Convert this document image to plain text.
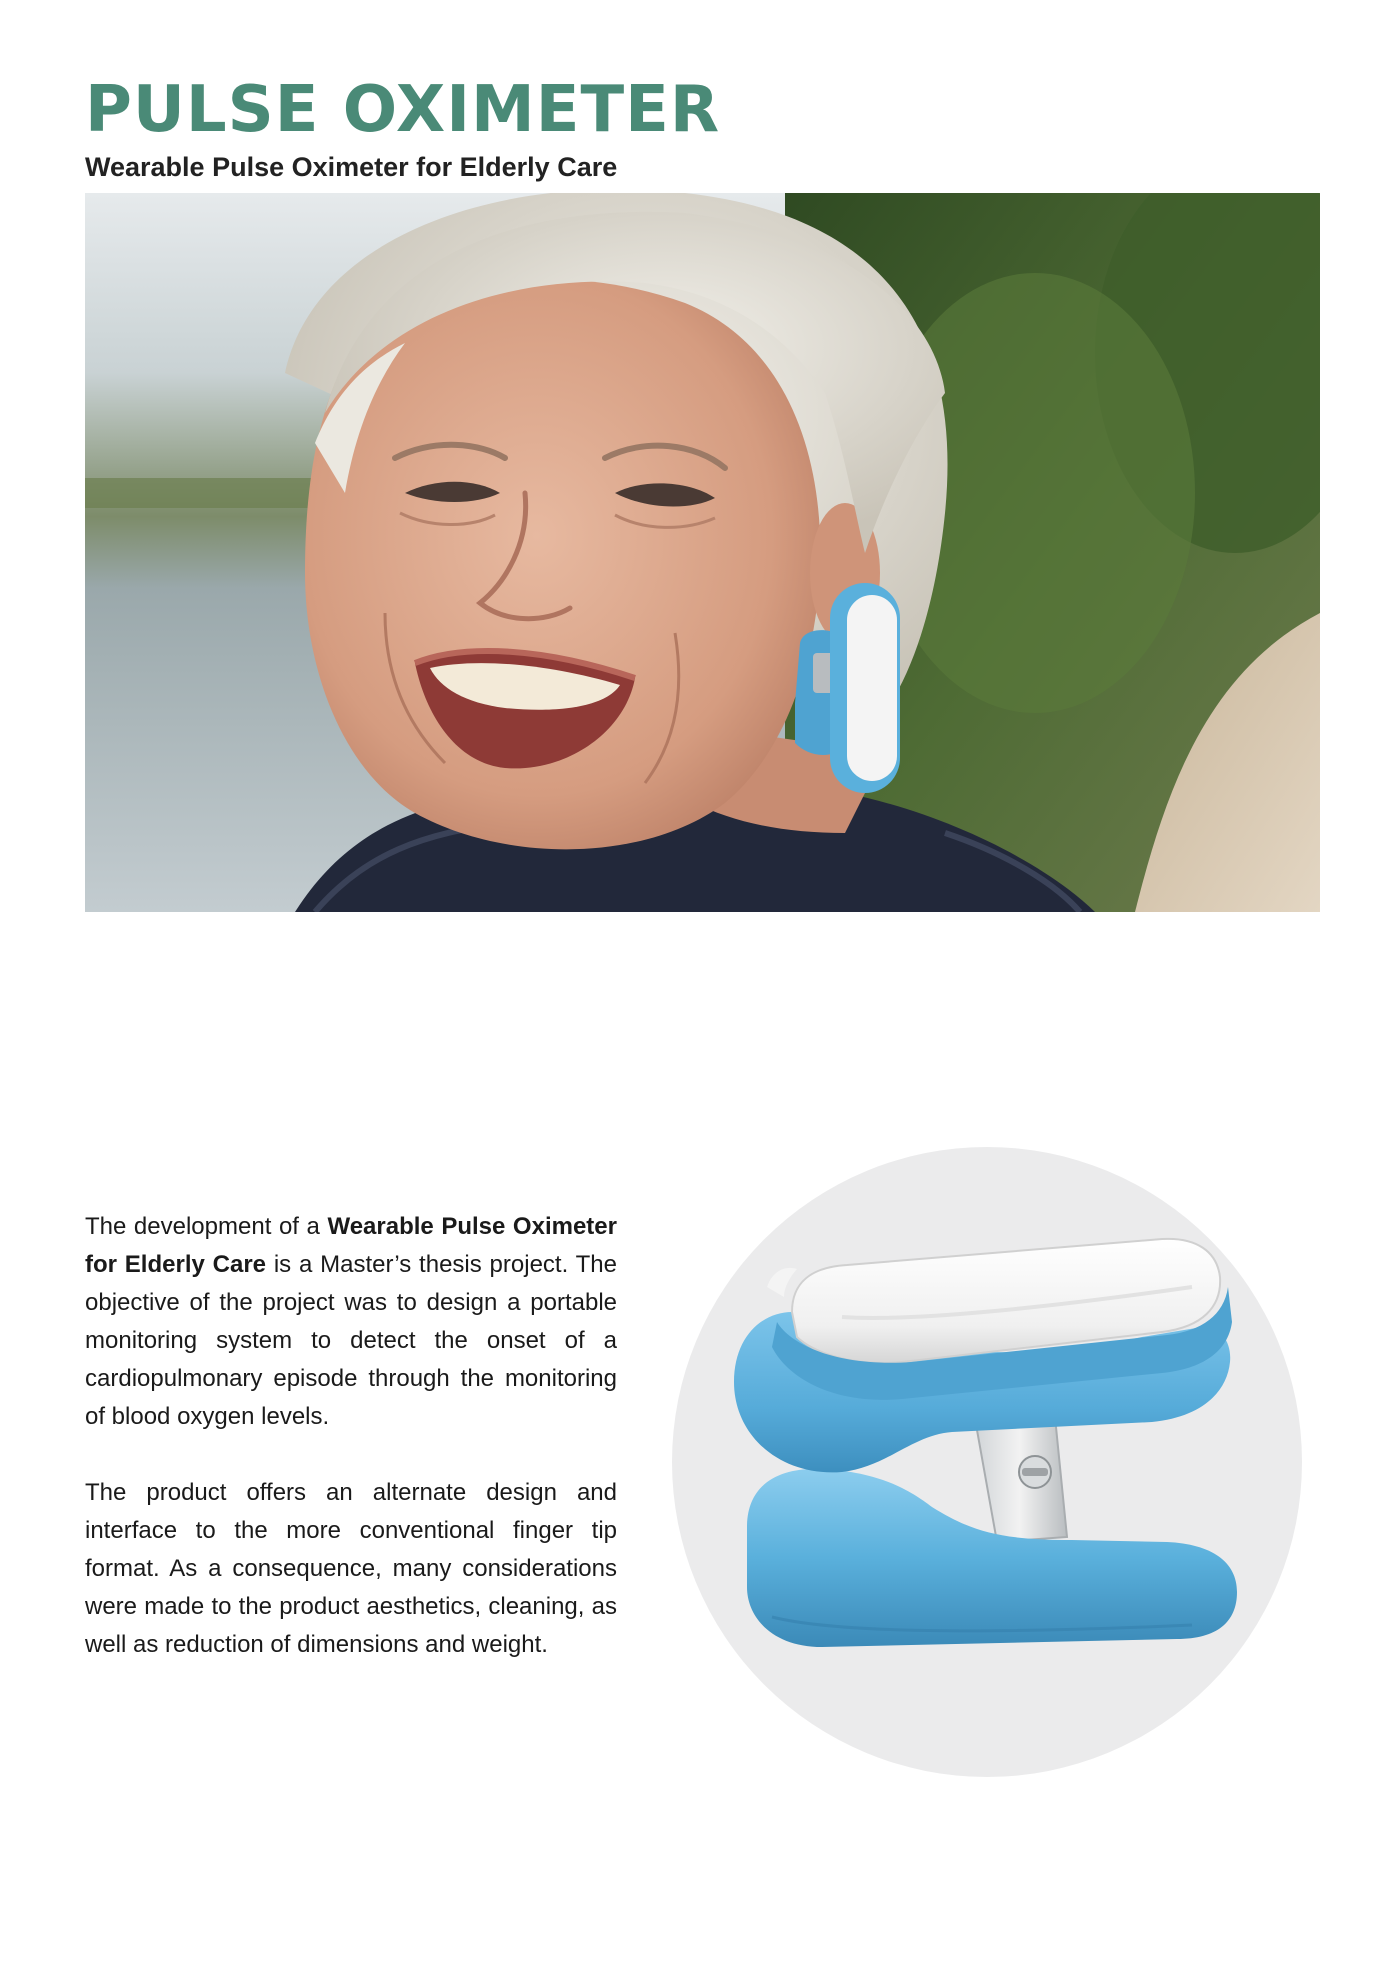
PULSE OXIMETER
Wearable Pulse Oximeter for Elderly Care

The development of a Wearable Pulse Oximeter for Elderly Care is a Master’s thesis project. The objective of the project was to design a portable monitoring system to detect the onset of a cardiopulmonary episode through the monitoring of blood oxygen levels.

The product offers an alternate design and interface to the more conventional finger tip format. As a consequence, many considerations were made to the product aesthetics, cleaning, as well as reduction of dimensions and weight.
